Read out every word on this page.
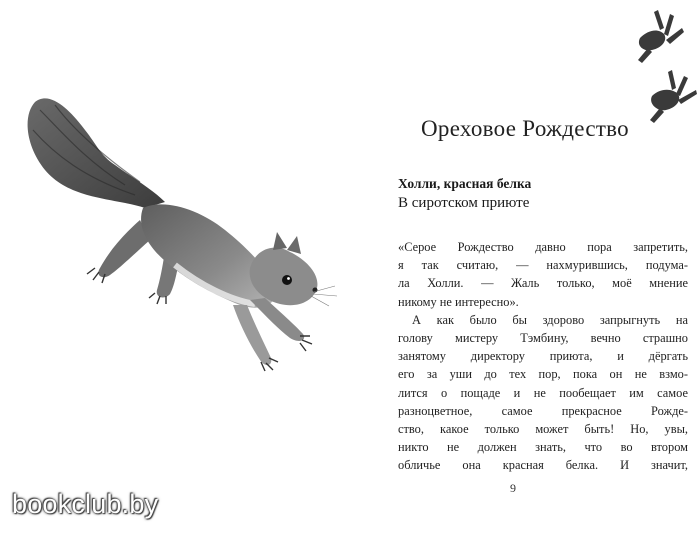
Ореховое Рождество
Холли, красная белка
В сиротском приюте
«Серое Рождество давно пора запретить,
я так считаю, — нахмурившись, подума-
ла Холли. — Жаль только, моё мнение
никому не интересно».
А как было бы здорово запрыгнуть на
голову мистеру Тэмбину, вечно страшно
занятому директору приюта, и дёргать
его за уши до тех пор, пока он не взмо-
лится о пощаде и не пообещает им самое
разноцветное, самое прекрасное Рожде-
ство, какое только может быть! Но, увы,
никто не должен знать, что во втором
обличье она красная белка. И значит,
9
bookclub.by
